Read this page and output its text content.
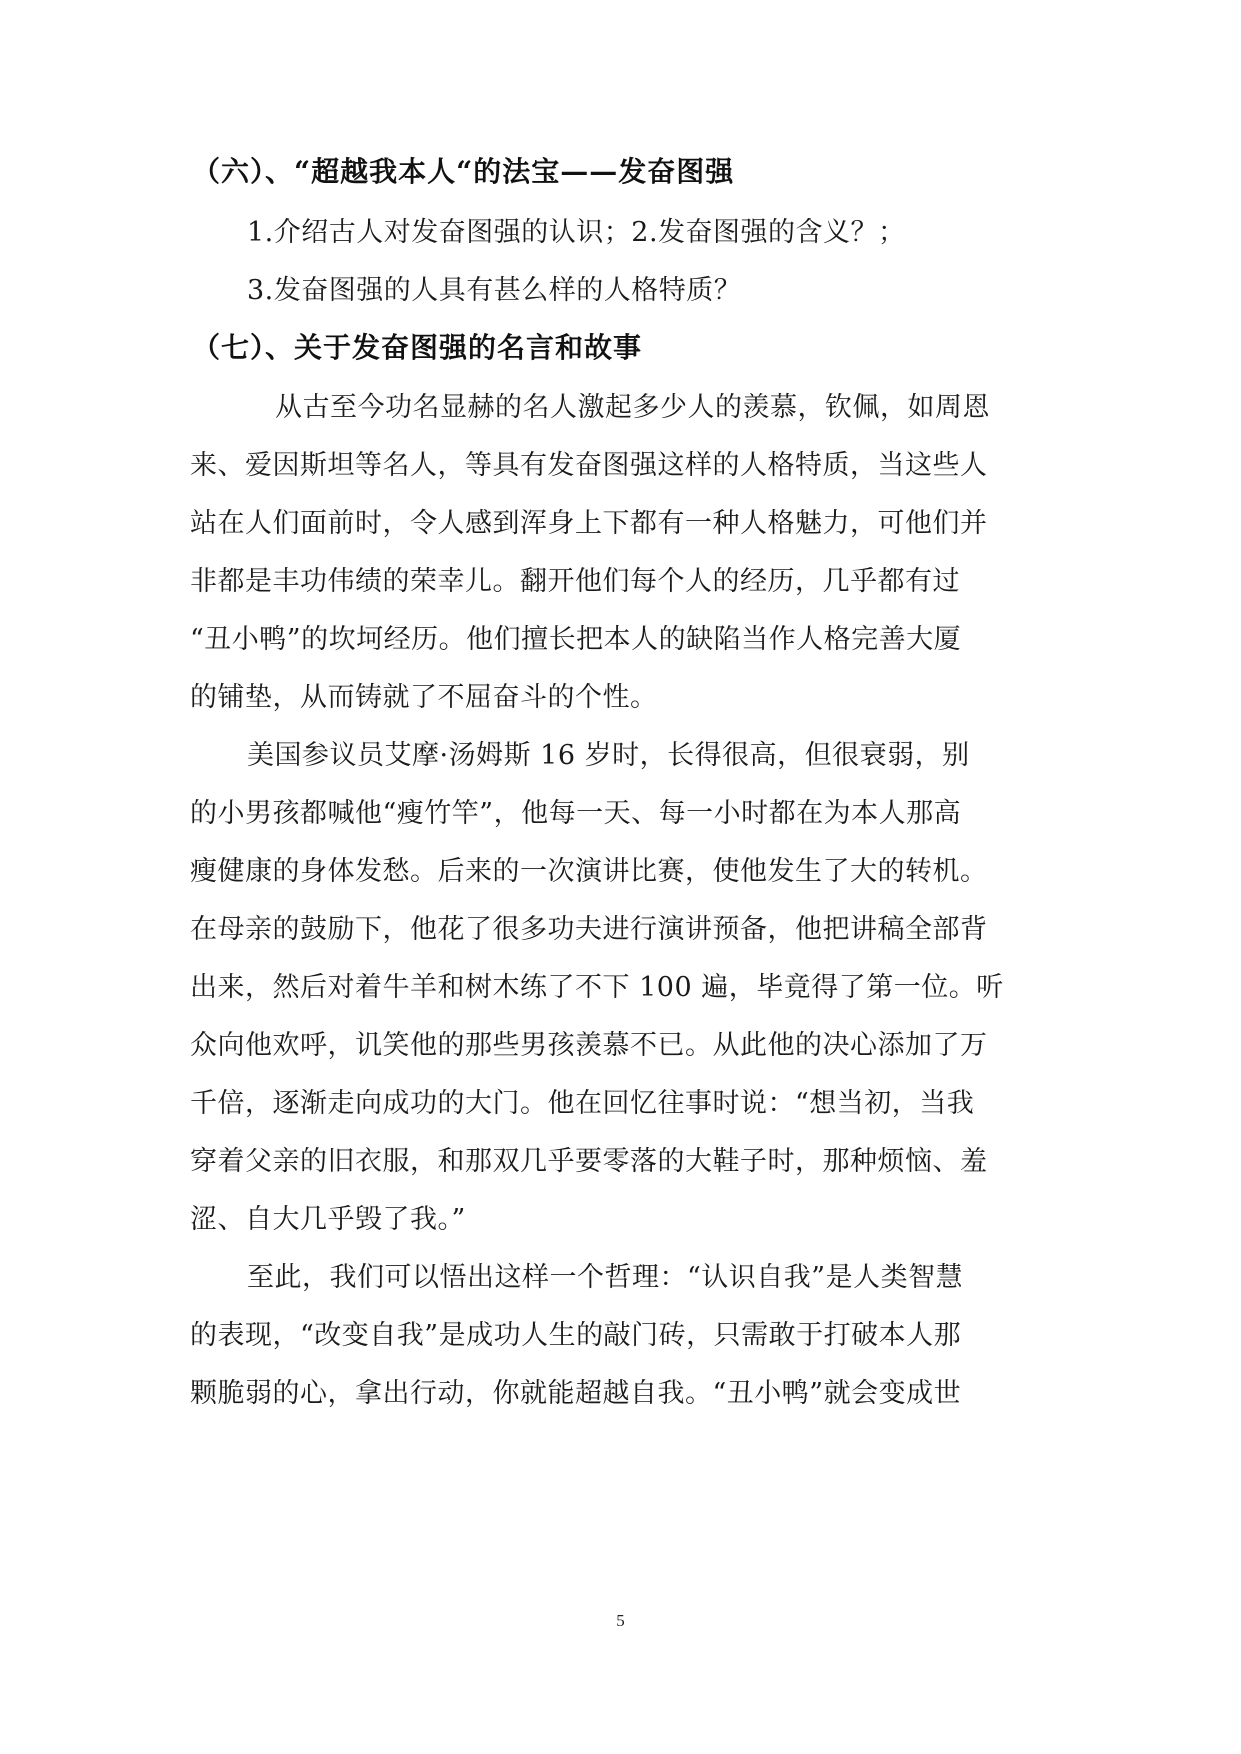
（六）、“超越我本人“的法宝——发奋图强
1.介绍古人对发奋图强的认识；2.发奋图强的含义？；
3.发奋图强的人具有甚么样的人格特质？
（七）、关于发奋图强的名言和故事
从古至今功名显赫的名人激起多少人的羡慕，钦佩，如周恩
来、爱因斯坦等名人，等具有发奋图强这样的人格特质，当这些人
站在人们面前时，令人感到浑身上下都有一种人格魅力，可他们并
非都是丰功伟绩的荣幸儿。翻开他们每个人的经历，几乎都有过
“丑小鸭”的坎坷经历。他们擅长把本人的缺陷当作人格完善大厦
的铺垫，从而铸就了不屈奋斗的个性。
美国参议员艾摩·汤姆斯 16 岁时，长得很高，但很衰弱，别
的小男孩都喊他“瘦竹竿”，他每一天、每一小时都在为本人那高
瘦健康的身体发愁。后来的一次演讲比赛，使他发生了大的转机。
在母亲的鼓励下，他花了很多功夫进行演讲预备，他把讲稿全部背
出来，然后对着牛羊和树木练了不下 100 遍，毕竟得了第一位。听
众向他欢呼，讥笑他的那些男孩羡慕不已。从此他的决心添加了万
千倍，逐渐走向成功的大门。他在回忆往事时说：“想当初，当我
穿着父亲的旧衣服，和那双几乎要零落的大鞋子时，那种烦恼、羞
涩、自大几乎毁了我。”
至此，我们可以悟出这样一个哲理：“认识自我”是人类智慧
的表现，“改变自我”是成功人生的敲门砖，只需敢于打破本人那
颗脆弱的心，拿出行动，你就能超越自我。“丑小鸭”就会变成世
5
